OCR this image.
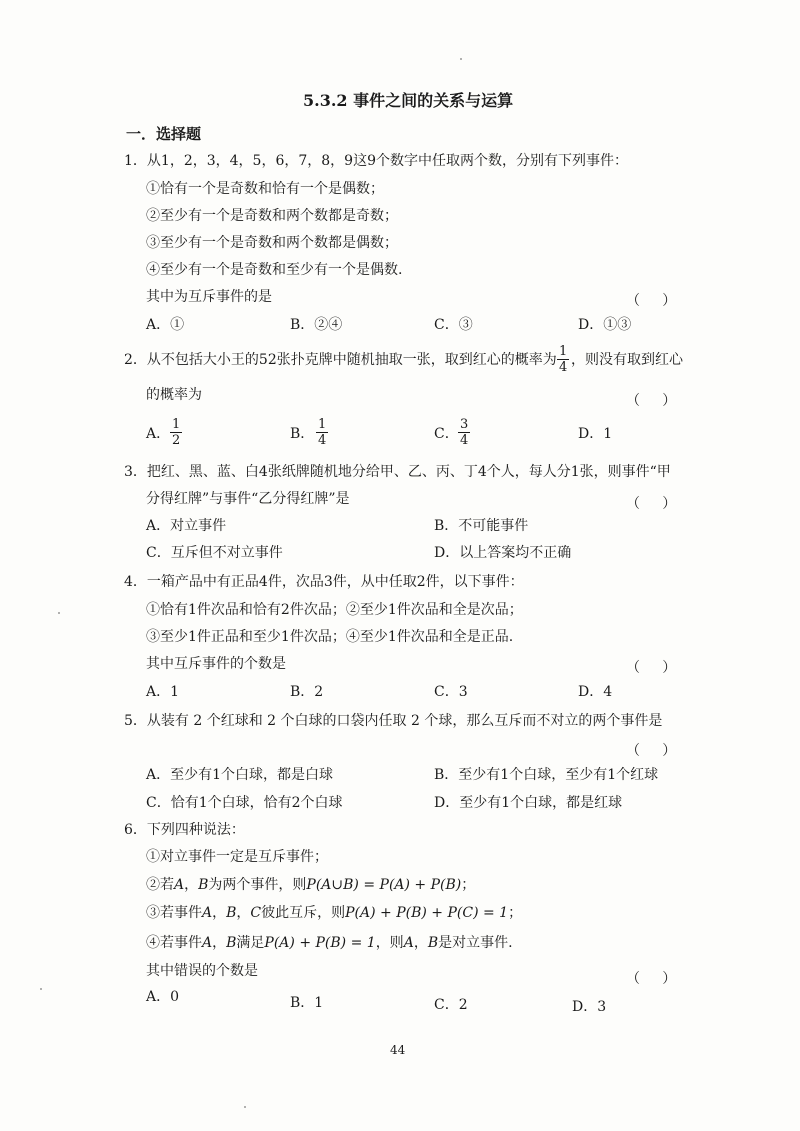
5.3.2 事件之间的关系与运算
一．选择题
1．从1，2，3，4，5，6，7，8，9这9个数字中任取两个数，分别有下列事件：
①恰有一个是奇数和恰有一个是偶数；
②至少有一个是奇数和两个数都是奇数；
③至少有一个是奇数和两个数都是偶数；
④至少有一个是奇数和至少有一个是偶数.
其中为互斥事件的是	（     ）
A．①	B．②④	C．③	D．①③
2．从不包括大小王的52张扑克牌中随机抽取一张，取到红心的概率为 $\frac{1}{4}$ ，则没有取到红心
的概率为	（     ）
A． $\frac{1}{2}$	B． $\frac{1}{4}$	C． $\frac{3}{4}$	D．1
3．把红、黑、蓝、白4张纸牌随机地分给甲、乙、丙、丁4个人，每人分1张，则事件“甲
分得红牌”与事件“乙分得红牌”是	（     ）
A．对立事件	B．不可能事件
C．互斥但不对立事件	D．以上答案均不正确
4．一箱产品中有正品4件，次品3件，从中任取2件，以下事件：
①恰有1件次品和恰有2件次品；②至少1件次品和全是次品；
③至少1件正品和至少1件次品；④至少1件次品和全是正品.
其中互斥事件的个数是	（     ）
A．1	B．2	C．3	D．4
5．从装有 2 个红球和 2 个白球的口袋内任取 2 个球，那么互斥而不对立的两个事件是
（     ）
A．至少有1个白球，都是白球	B．至少有1个白球，至少有1个红球
C．恰有1个白球，恰有2个白球	D．至少有1个白球，都是红球
6．下列四种说法：
①对立事件一定是互斥事件；
②若A，B为两个事件，则P(A∪B) = P(A) + P(B)；
③若事件A，B，C彼此互斥，则P(A) + P(B) + P(C) = 1；
④若事件A，B满足P(A) + P(B) = 1，则A，B是对立事件.
其中错误的个数是	（     ）
A．0	B．1	C．2	D．3
44
